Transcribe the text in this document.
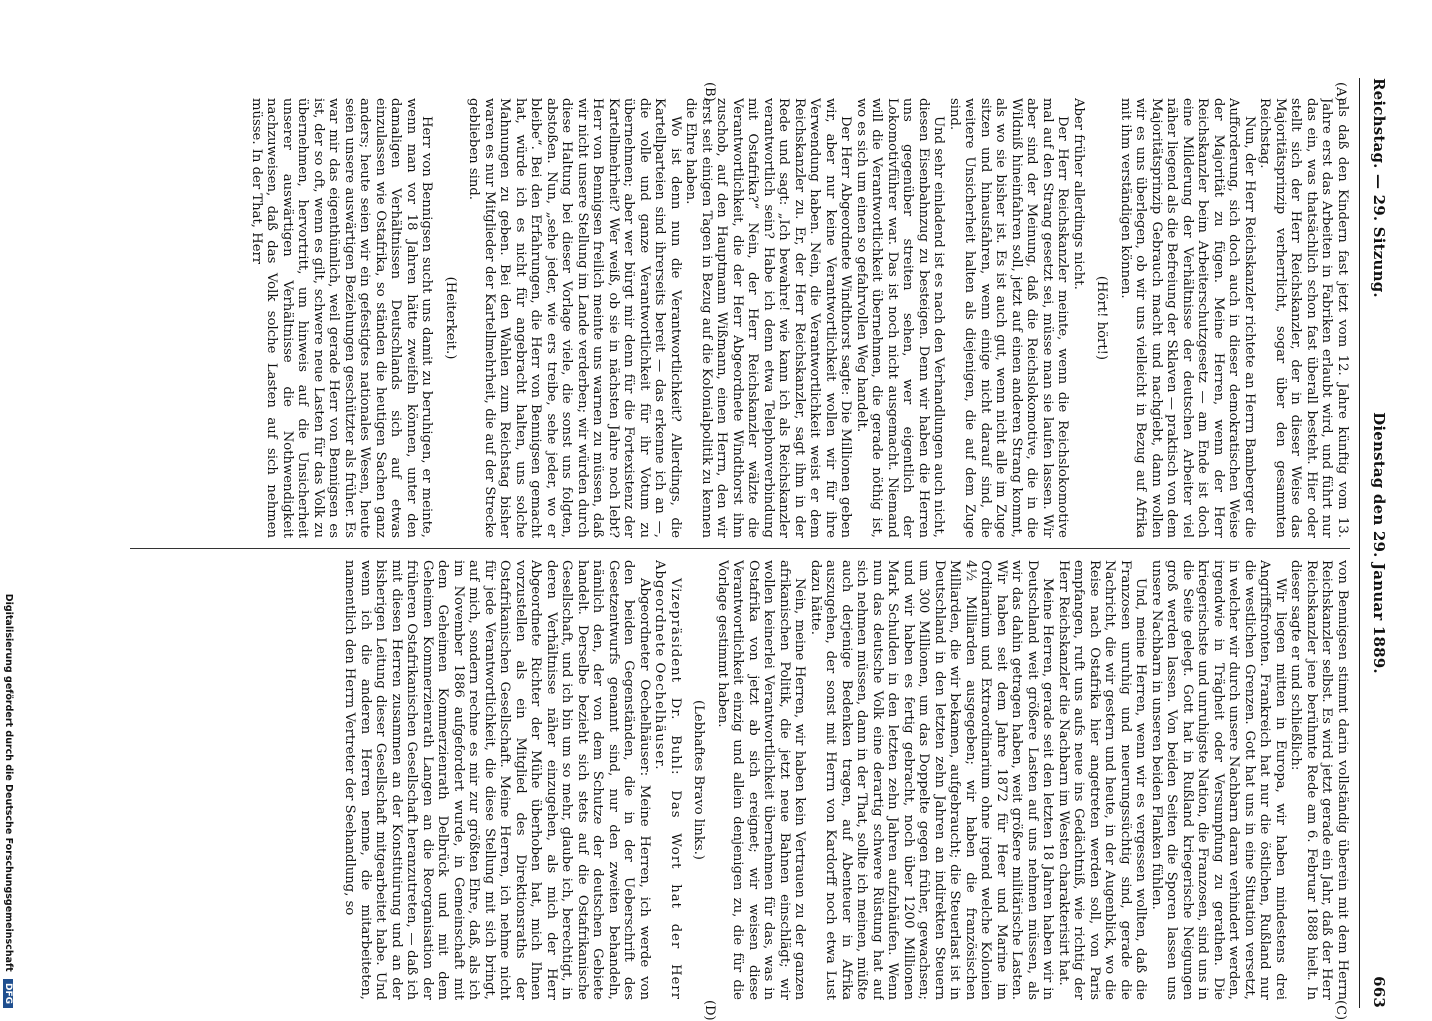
Reichstag. — 29. Sitzung.
Dienstag den 29. Januar 1889.
663
(A)
(B)
(C)
(D)

als daß den Kindern fast jetzt vom 12. Jahre künftig vom 13. Jahre erst das Arbeiten in Fabriken erlaubt wird, und führt nur das ein, was thatsächlich schon fast überall besteht. Hier oder stellt sich der Herr Reichskanzler, der in dieser Weise das Majoritätsprinzip verherrlicht, sogar über den gesammten Reichstag.

Nun, der Herr Reichskanzler richtete an Herrn Bamberger die Aufforderung, sich doch auch in dieser demokratischen Weise der Majorität zu fügen. Meine Herren, wenn der Herr Reichskanzler beim Arbeiterschutzgesetz — am Ende ist doch eine Milderung der Verhältnisse der deutschen Arbeiter viel näher liegend als die Befreiung der Sklaven — praktisch von dem Majoritätsprinzip Gebrauch macht und nachgiebt, dann wollen wir es uns überlegen, ob wir uns vielleicht in Bezug auf Afrika mit ihm verständigen können.

(Hört! hört!)

Aber früher allerdings nicht.

Der Herr Reichskanzler meinte, wenn die Reichslokomotive mal auf den Strang gesetzt sei, müsse man sie laufen lassen. Wir aber sind der Meinung, daß die Reichslokomotive, die in die Wildniß hineinfahren soll, jetzt auf einen anderen Strang kommt, als wo sie bisher ist. Es ist auch gut, wenn nicht alle im Zuge sitzen und hinausfahren, wenn einige nicht darauf sind, die weitere Unsicherheit halten als diejenigen, die auf dem Zuge sind.

Und sehr einladend ist es nach den Verhandlungen auch nicht, diesen Eisenbahnzug zu besteigen. Denn wir haben die Herren uns gegenüber streiten sehen, wer eigentlich der Lokomotivführer war. Das ist noch nicht ausgemacht. Niemand will die Verantwortlichkeit übernehmen, die gerade nöthig ist, wo es sich um einen so gefahrvollen Weg handelt.

Der Herr Abgeordnete Windthorst sagte: Die Millionen geben wir, aber nur keine Verantwortlichkeit wollen wir für ihre Verwendung haben. Nein, die Verantwortlichkeit weist er dem Reichskanzler zu. Er, der Herr Reichskanzler, sagt ihm in der Rede und sagt: „Ich bewahre! wie kann ich als Reichskanzler verantwortlich sein? Habe ich denn etwa Telephonverbindung mit Ostafrika?“ Nein, der Herr Reichskanzler wälzte die Verantwortlichkeit, die der Herr Abgeordnete Windthorst ihm zuschob, auf den Hauptmann Wißmann, einen Herrn, den wir erst seit einigen Tagen in Bezug auf die Kolonialpolitik zu kennen die Ehre haben.

Wo ist denn nun die Verantwortlichkeit? Allerdings, die Kartellparteien sind ihrerseits bereit — das erkenne ich an —, die volle und ganze Verantwortlichkeit für ihr Votum zu übernehmen; aber wer bürgt mir denn für die Fortexistenz der Kartellmehrheit? Wer weiß, ob sie in nächsten Jahre noch lebt? Herr von Bennigsen freilich meinte uns warnen zu müssen, daß wir nicht unsere Stellung im Lande verderben; wir würden durch diese Haltung bei dieser Vorlage viele, die sonst uns folgten, abstoßen. Nun, „sehe jeder, wie ers treibe, sehe jeder, wo er bleibe“. Bei den Erfahrungen, die Herr von Bennigsen gemacht hat, würde ich es nicht für angebracht halten, uns solche Mahnungen zu geben. Bei den Wahlen zum Reichstag bisher waren es nur Mitglieder der Kartellmehrheit, die auf der Strecke geblieben sind.

(Heiterkeit.)

Herr von Bennigsen sucht uns damit zu beruhigen, er meinte, wenn man vor 18 Jahren hätte zweifeln können, unter den damaligen Verhältnissen Deutschlands sich auf etwas einzulassen wie Ostafrika, so ständen die heutigen Sachen ganz anders; heute seien wir ein gefestigtes nationales Wesen, heute seien unsere auswärtigen Beziehungen geschützter als früher. Es war mir das eigenthümlich, weil gerade Herr von Bennigsen es ist, der so oft, wenn es gilt, schwere neue Lasten für das Volk zu übernehmen, hervortritt, um hinweis auf die Unsicherheit unserer auswärtigen Verhältnisse die Nothwendigkeit nachzuweisen, daß das Volk solche Lasten auf sich nehmen müsse. In der That, Herr

von Bennigsen stimmt darin vollständig überein mit dem Herrn Reichskanzler selbst. Es wird jetzt gerade ein Jahr, daß der Herr Reichskanzler jene berühmte Rede am 6. Februar 1888 hielt. In dieser sagte er und schließlich:

Wir liegen mitten in Europa, wir haben mindestens drei Angriffsfronten. Frankreich hat nur die östlichen, Rußland nur die westlichen Grenzen. Gott hat uns in eine Situation versetzt, in welcher wir durch unsere Nachbarn daran verhindert werden, irgendwie in Trägheit oder Versumpfung zu gerathen. Die kriegerischste und unruhigste Nation, die Franzosen, sind uns in die Seite gelegt. Gott hat in Rußland kriegerische Neigungen groß werden lassen. Von beiden Seiten die Sporen lassen uns unsere Nachbarn in unseren beiden Flanken fühlen.

Und, meine Herren, wenn wir es vergessen wollten, daß die Franzosen unruhig und neuerungssüchtig sind, gerade die Nachricht, die wir gestern und heute, in der Augenblick, wo die Reise nach Ostafrika hier angetreten werden soll, von Paris empfangen, ruft uns aufs neue ins Gedächtniß, wie richtig der Herr Reichskanzler die Nachbarn im Westen charakterisirt hat.

Meine Herren, gerade seit den letzten 18 Jahren haben wir in Deutschland weit größere Lasten auf uns nehmen müssen, als wir das dahin getragen haben, weit größere militärische Lasten. Wir haben seit dem Jahre 1872 für Heer und Marine im Ordinarium und Extraordinarium ohne irgend welche Kolonien 4½ Milliarden ausgegeben; wir haben die französischen Milliarden, die wir bekamen, aufgebraucht; die Steuerlast ist in Deutschland in den letzten zehn Jahren an indirekten Steuern um 300 Millionen, um das Doppelte gegen früher, gewachsen; und wir haben es fertig gebracht, noch über 1200 Millionen Mark Schulden in den letzten zehn Jahren aufzuhäufen. Wenn nun das deutsche Volk eine derartig schwere Rüstung hat auf sich nehmen müssen, dann in der That, sollte ich meinen, müßte auch derjenige Bedenken tragen, auf Abenteuer in Afrika auszugehen, der sonst mit Herrn von Kardorff noch etwa Lust dazu hätte.

Nein, meine Herren, wir haben kein Vertrauen zu der ganzen afrikanischen Politik, die jetzt neue Bahnen einschlägt; wir wollen keinerlei Verantwortlichkeit übernehmen für das, was in Ostafrika von jetzt ab sich ereignet; wir weisen diese Verantwortlichkeit einzig und allein denjenigen zu, die für die Vorlage gestimmt haben.

(Lebhaftes Bravo links.)

Vizepräsident Dr. Buhl: Das Wort hat der Herr Abgeordnete Oechelhäuser.

Abgeordneter Oechelhäuser: Meine Herren, ich werde von den beiden Gegenständen, die in der Ueberschrift des Gesetzentwurfs genannt sind, nur den zweiten behandeln, nämlich den, der von dem Schutze der deutschen Gebiete handelt. Derselbe bezieht sich stets auf die Ostafrikanische Gesellschaft, und ich bin um so mehr, glaube ich, berechtigt, in deren Verhältnisse näher einzugehen, als mich der Herr Abgeordnete Richter der Mühe überhoben hat, mich Ihnen vorzustellen als ein Mitglied des Direktionsraths der Ostafrikanischen Gesellschaft. Meine Herren, ich nehme nicht für jede Verantwortlichkeit, die diese Stellung mit sich bringt, auf mich, sondern rechne es mir zur größten Ehre, daß, als ich im November 1886 aufgefordert wurde, in Gemeinschaft mit dem Geheimen Kommerzienrath Delbrück und mit dem Geheimen Kommerzienrath Langen an die Reorganisation der früheren Ostafrikanischen Gesellschaft heranzutreten, — daß ich mit diesen Herren zusammen an der Konstituirung und an der bisherigen Leitung dieser Gesellschaft mitgearbeitet habe. Und wenn ich die anderen Herren nenne, die mitarbeiteten, namentlich den Herrn Vertreter der Seehandlung, so

Digitalisierung gefördert durch die Deutsche Forschungsgemeinschaft DFG
